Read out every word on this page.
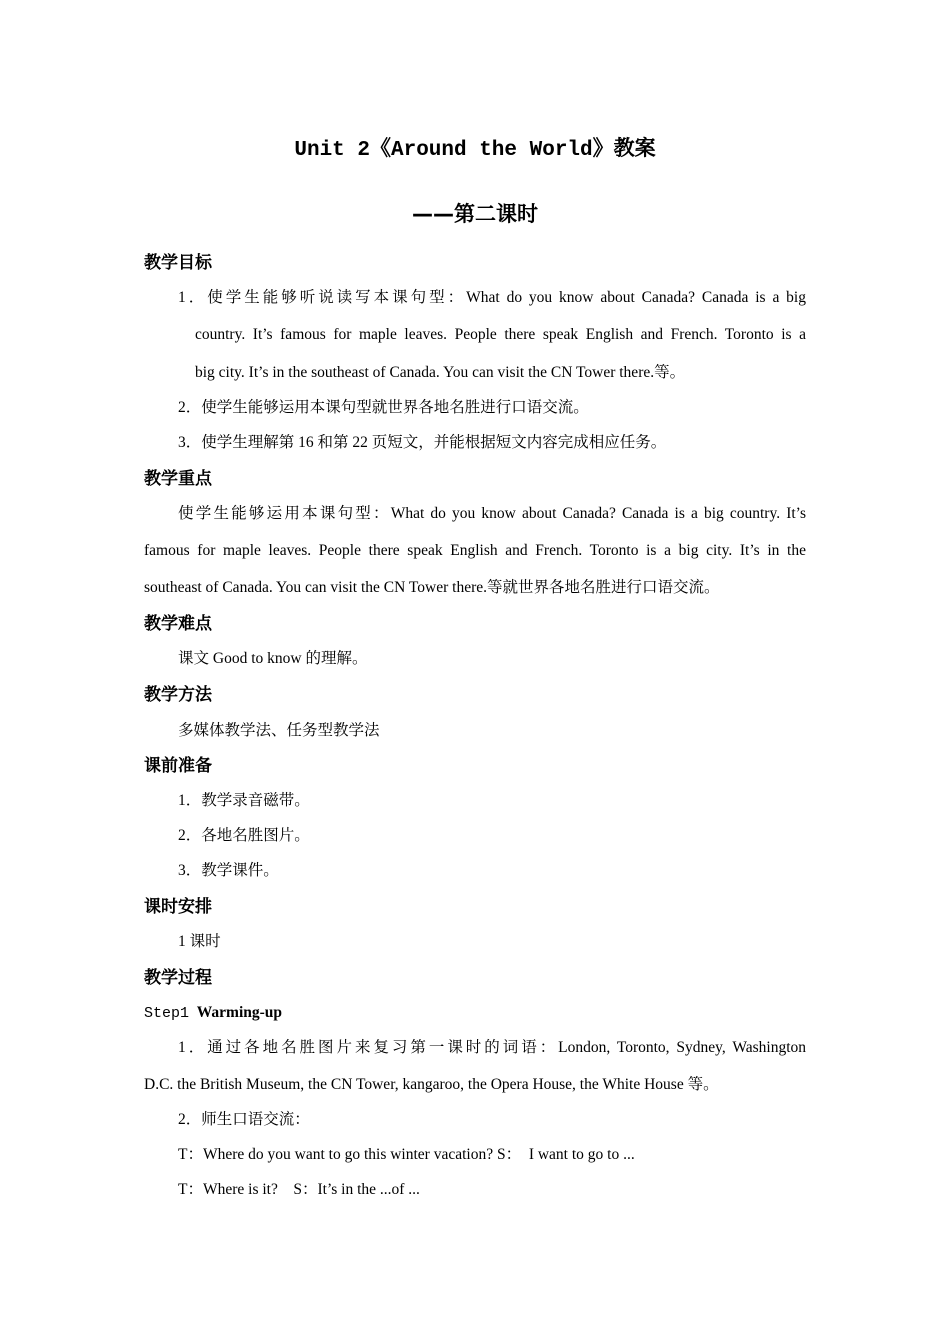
Unit 2《Around the World》教案
——第二课时
教学目标
1．使学生能够听说读写本课句型：What do you know about Canada? Canada is a big
country. It’s famous for maple leaves. People there speak English and French. Toronto is a
big city. It’s in the southeast of Canada. You can visit the CN Tower there.等。
2．使学生能够运用本课句型就世界各地名胜进行口语交流。
3．使学生理解第 16 和第 22 页短文，并能根据短文内容完成相应任务。
教学重点
使学生能够运用本课句型：What do you know about Canada? Canada is a big country. It’s
famous for maple leaves. People there speak English and French. Toronto is a big city. It’s in the
southeast of Canada. You can visit the CN Tower there.等就世界各地名胜进行口语交流。
教学难点
课文 Good to know 的理解。
教学方法
多媒体教学法、任务型教学法
课前准备
1．教学录音磁带。
2．各地名胜图片。
3．教学课件。
课时安排
1 课时
教学过程
Step1 Warming-up
1．通过各地名胜图片来复习第一课时的词语：London, Toronto, Sydney, Washington
D.C. the British Museum, the CN Tower, kangaroo, the Opera House, the White House 等。
2．师生口语交流：
T：Where do you want to go this winter vacation? S：  I want to go to ...
T：Where is it?    S：It’s in the ...of ...
